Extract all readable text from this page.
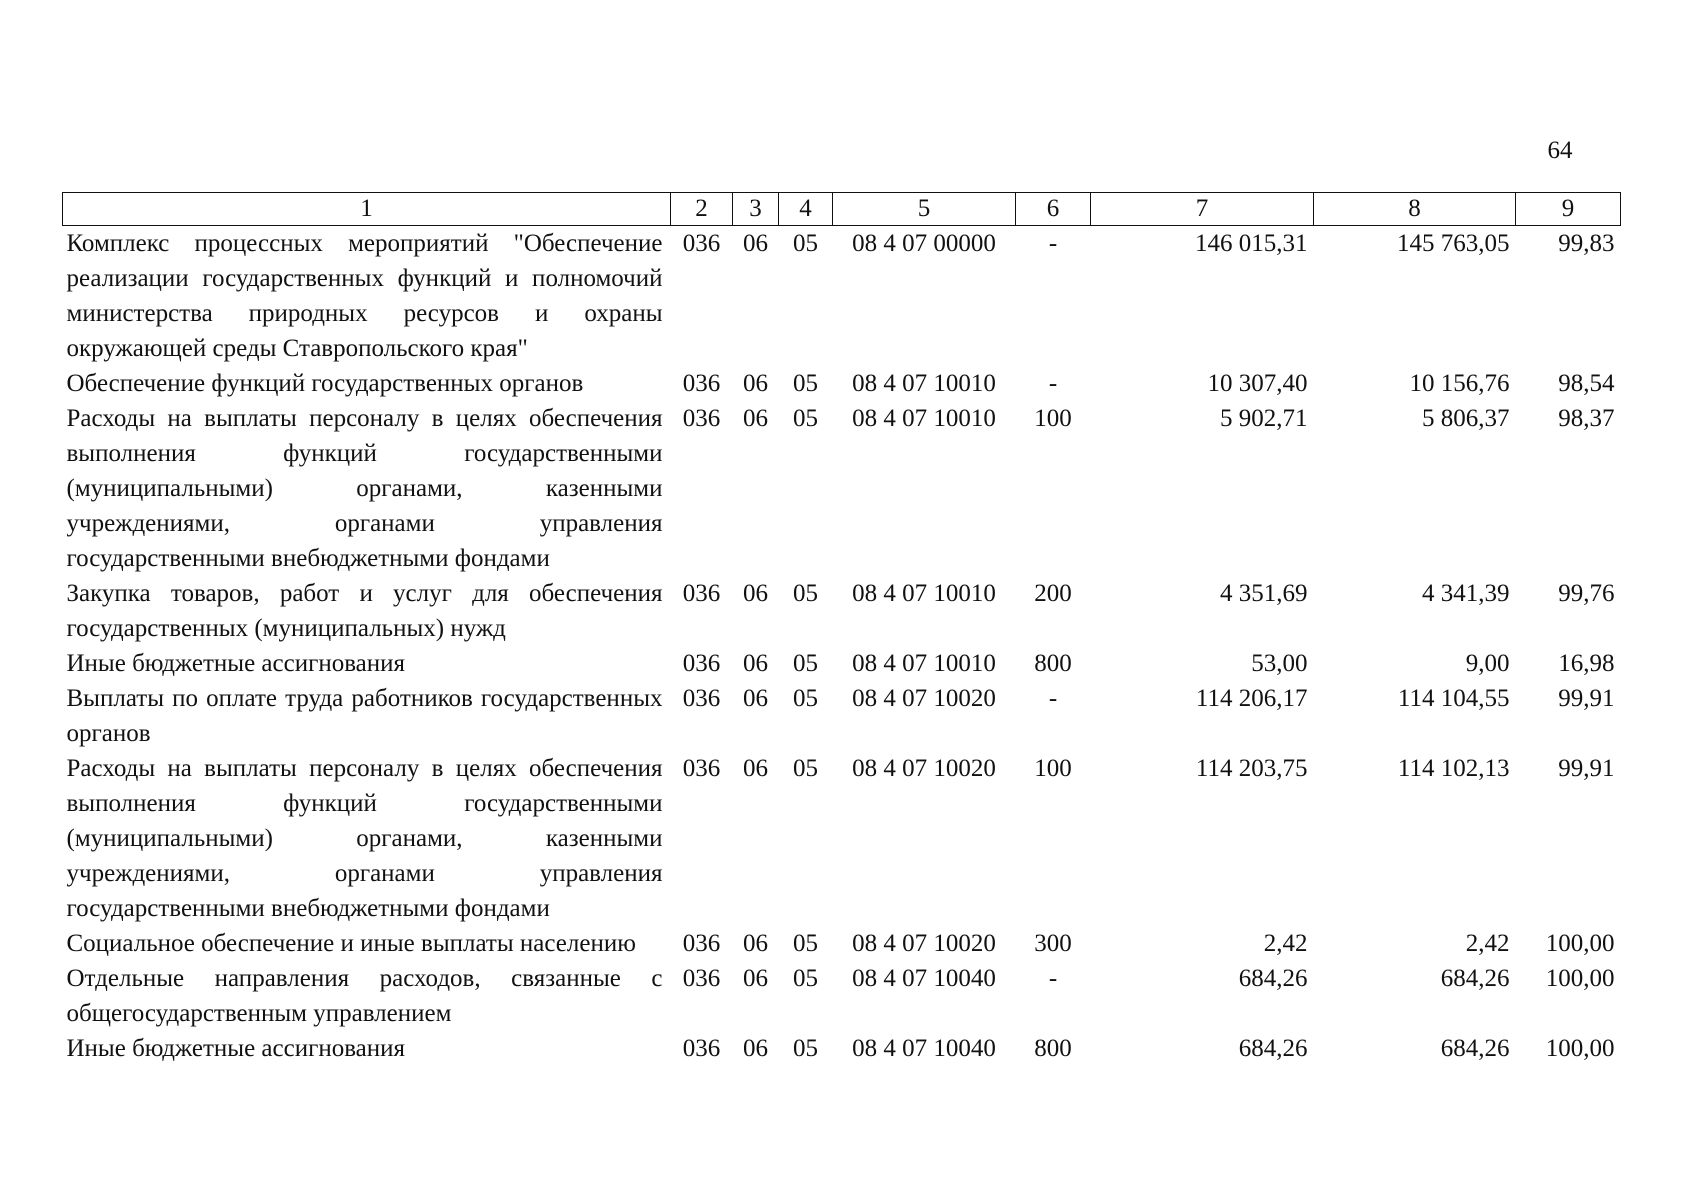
64
1	2	3	4	5	6	7	8	9
Комплекс процессных мероприятий "Обеспечение реализации государственных функций и полномочий министерства природных ресурсов и охраны окружающей среды Ставропольского края"	036	06	05	08 4 07 00000	-	146 015,31	145 763,05	99,83
Обеспечение функций государственных органов	036	06	05	08 4 07 10010	-	10 307,40	10 156,76	98,54
Расходы на выплаты персоналу в целях обеспечения выполнения функций государственными (муниципальными) органами, казенными учреждениями, органами управления государственными внебюджетными фондами	036	06	05	08 4 07 10010	100	5 902,71	5 806,37	98,37
Закупка товаров, работ и услуг для обеспечения государственных (муниципальных) нужд	036	06	05	08 4 07 10010	200	4 351,69	4 341,39	99,76
Иные бюджетные ассигнования	036	06	05	08 4 07 10010	800	53,00	9,00	16,98
Выплаты по оплате труда работников государственных органов	036	06	05	08 4 07 10020	-	114 206,17	114 104,55	99,91
Расходы на выплаты персоналу в целях обеспечения выполнения функций государственными (муниципальными) органами, казенными учреждениями, органами управления государственными внебюджетными фондами	036	06	05	08 4 07 10020	100	114 203,75	114 102,13	99,91
Социальное обеспечение и иные выплаты населению	036	06	05	08 4 07 10020	300	2,42	2,42	100,00
Отдельные направления расходов, связанные с общегосударственным управлением	036	06	05	08 4 07 10040	-	684,26	684,26	100,00
Иные бюджетные ассигнования	036	06	05	08 4 07 10040	800	684,26	684,26	100,00
